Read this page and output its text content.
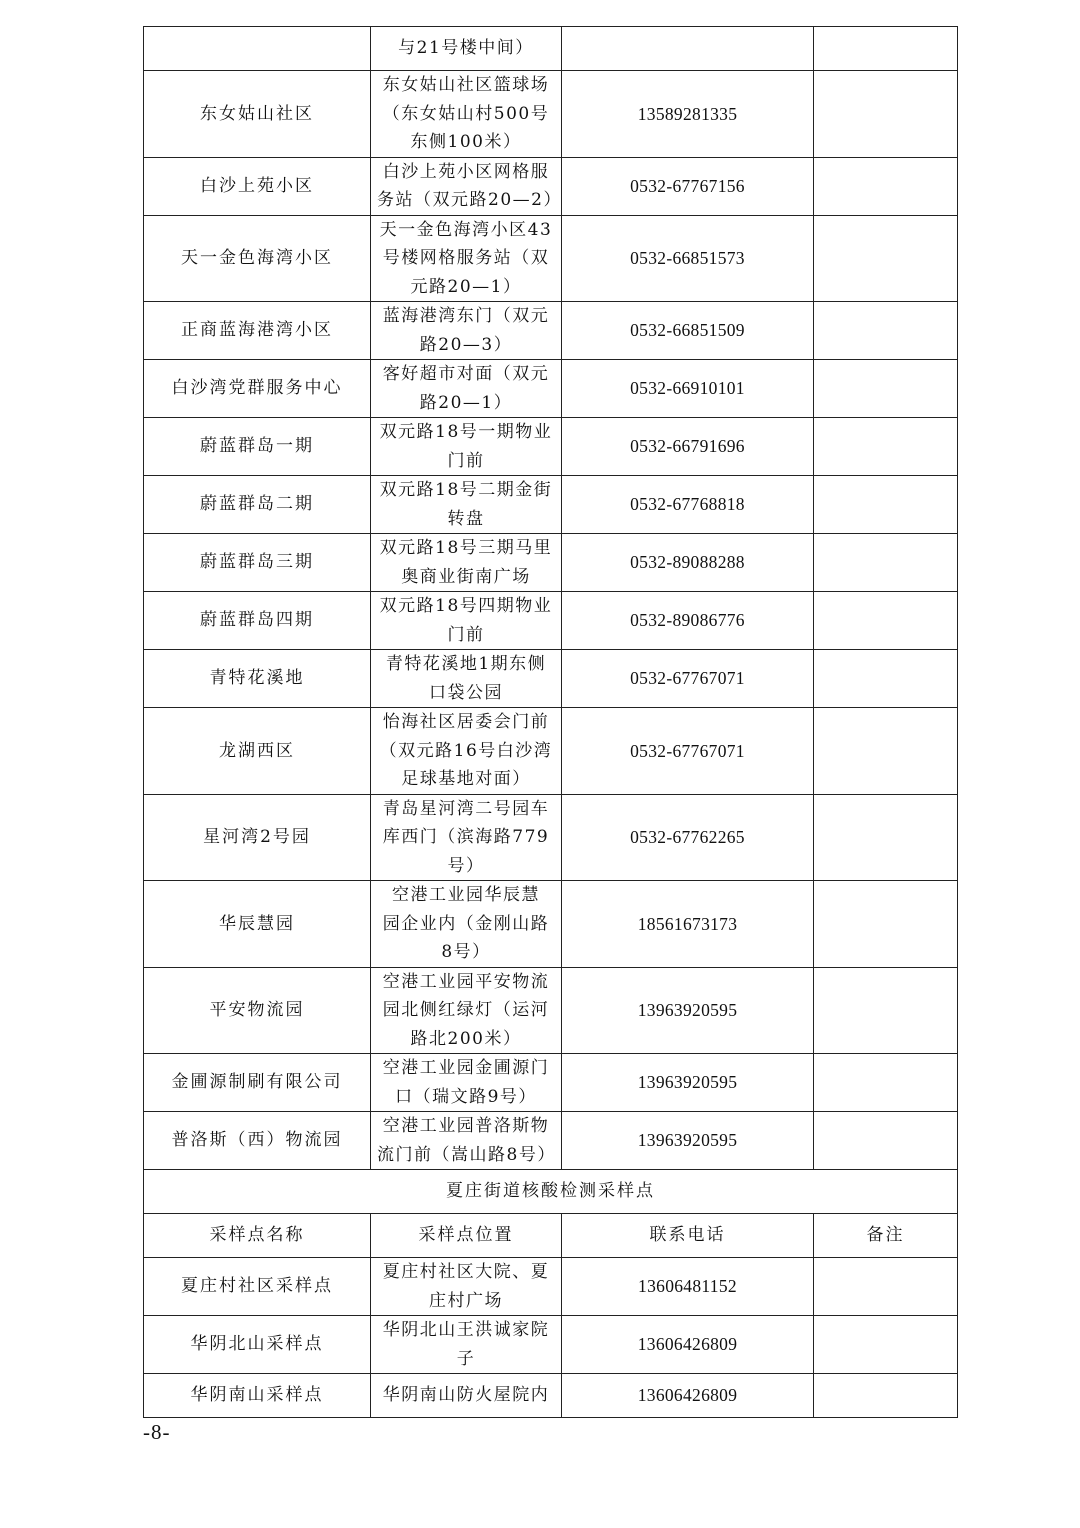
	与21号楼中间）		

东女姑山社区	东女姑山社区篮球场
（东女姑山村500号
东侧100米）	13589281335	
白沙上苑小区	白沙上苑小区网格服
务站（双元路20—2）	0532-67767156	
天一金色海湾小区	天一金色海湾小区43
号楼网格服务站（双
元路20—1）	0532-66851573	
正商蓝海港湾小区	蓝海港湾东门（双元
路20—3）	0532-66851509	
白沙湾党群服务中心	客好超市对面（双元
路20—1）	0532-66910101	
蔚蓝群岛一期	双元路18号一期物业
门前	0532-66791696	
蔚蓝群岛二期	双元路18号二期金街
转盘	0532-67768818	
蔚蓝群岛三期	双元路18号三期马里
奥商业街南广场	0532-89088288	
蔚蓝群岛四期	双元路18号四期物业
门前	0532-89086776	
青特花溪地	青特花溪地1期东侧
口袋公园	0532-67767071	
龙湖西区	怡海社区居委会门前
（双元路16号白沙湾
足球基地对面）	0532-67767071	
星河湾2号园	青岛星河湾二号园车
库西门（滨海路779
号）	0532-67762265	
华辰慧园	空港工业园华辰慧
园企业内（金刚山路
8号）	18561673173	
平安物流园	空港工业园平安物流
园北侧红绿灯（运河
路北200米）	13963920595	
金圃源制刷有限公司	空港工业园金圃源门
口（瑞文路9号）	13963920595	
普洛斯（西）物流园	空港工业园普洛斯物
流门前（嵩山路8号）	13963920595	
夏庄街道核酸检测采样点			
采样点名称	采样点位置	联系电话	备注
夏庄村社区采样点	夏庄村社区大院、夏
庄村广场	13606481152	
华阴北山采样点	华阴北山王洪诚家院
子	13606426809	
华阴南山采样点	华阴南山防火屋院内	13606426809	
-8-
